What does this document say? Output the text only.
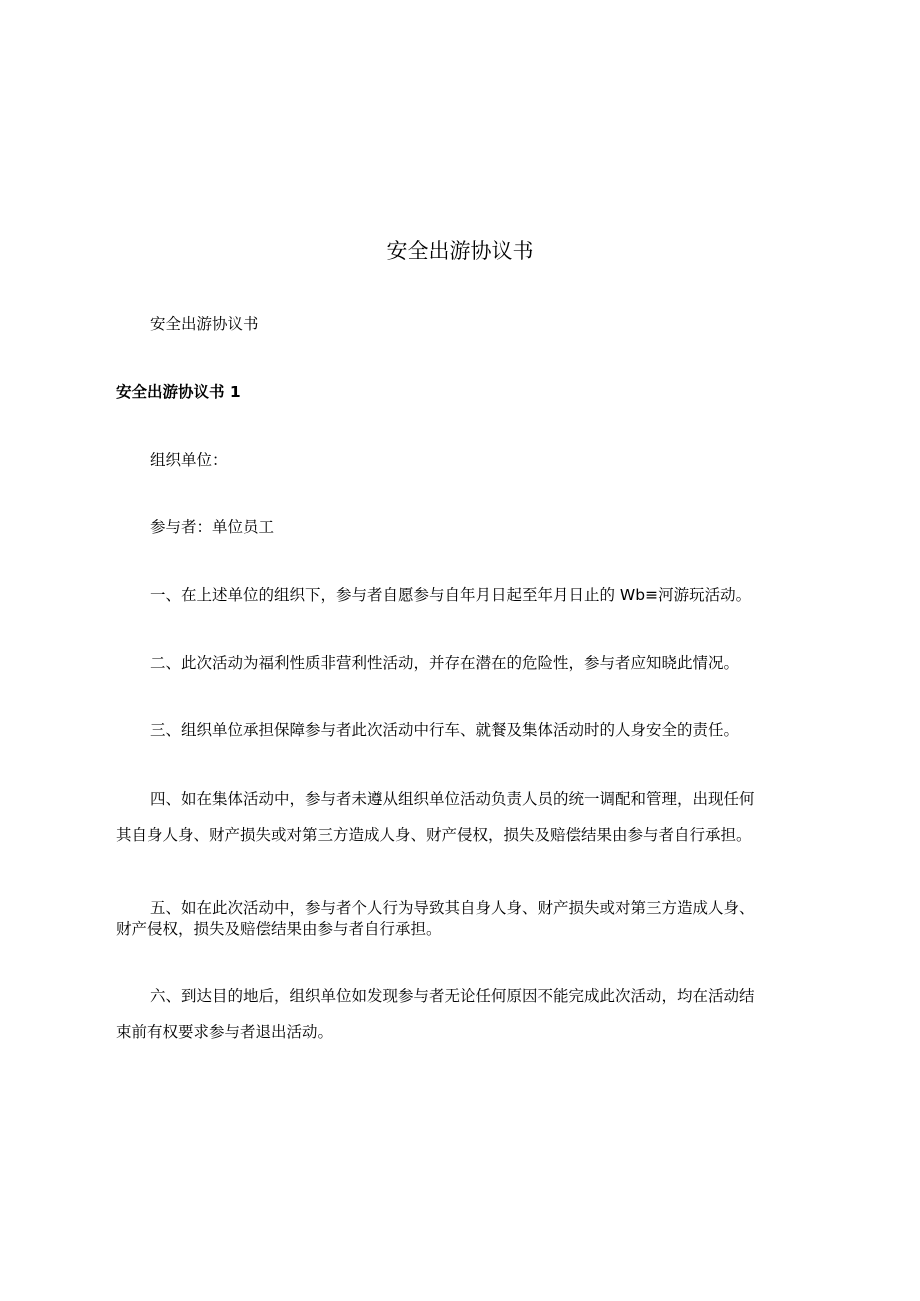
安全出游协议书
安全出游协议书
安全出游协议书 1
组织单位：
参与者：单位员工
一、在上述单位的组织下，参与者自愿参与自年月日起至年月日止的 Wb≡河游玩活动。
二、此次活动为福利性质非营利性活动，并存在潜在的危险性，参与者应知晓此情况。
三、组织单位承担保障参与者此次活动中行车、就餐及集体活动时的人身安全的责任。
四、如在集体活动中，参与者未遵从组织单位活动负责人员的统一调配和管理，出现任何
其自身人身、财产损失或对第三方造成人身、财产侵权，损失及赔偿结果由参与者自行承担。
五、如在此次活动中，参与者个人行为导致其自身人身、财产损失或对第三方造成人身、
财产侵权，损失及赔偿结果由参与者自行承担。
六、到达目的地后，组织单位如发现参与者无论任何原因不能完成此次活动，均在活动结
束前有权要求参与者退出活动。
